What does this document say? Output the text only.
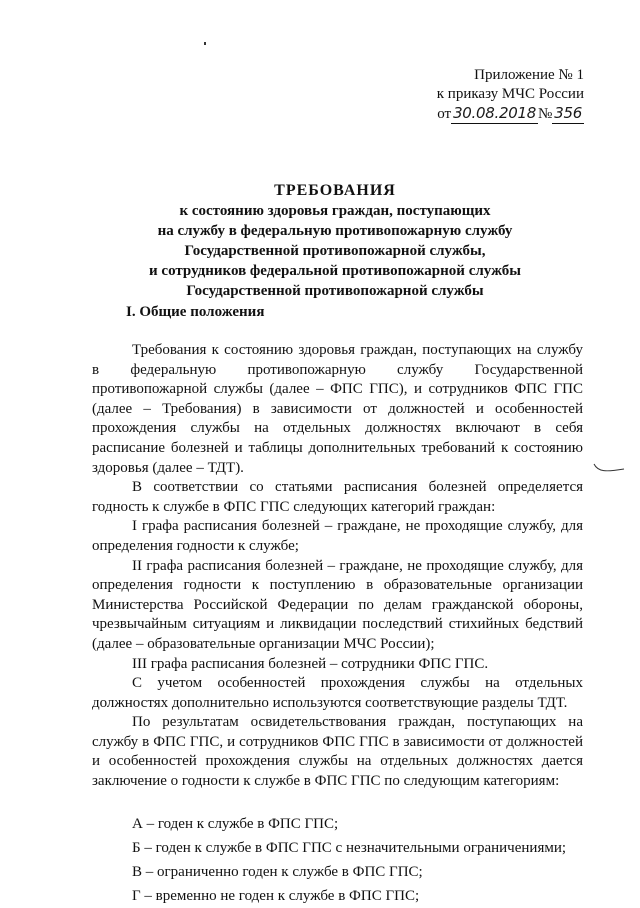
Приложение № 1
к приказу МЧС России
от 30.08.2018 № 356
ТРЕБОВАНИЯ
к состоянию здоровья граждан, поступающих
на службу в федеральную противопожарную службу
Государственной противопожарной службы,
и сотрудников федеральной противопожарной службы
Государственной противопожарной службы
I. Общие положения

Требования к состоянию здоровья граждан, поступающих на службу в федеральную противопожарную службу Государственной противопожарной службы (далее – ФПС ГПС), и сотрудников ФПС ГПС (далее – Требования) в зависимости от должностей и особенностей прохождения службы на отдельных должностях включают в себя расписание болезней и таблицы дополнительных требований к состоянию здоровья (далее – ТДТ).

В соответствии со статьями расписания болезней определяется годность к службе в ФПС ГПС следующих категорий граждан:

I графа расписания болезней – граждане, не проходящие службу, для определения годности к службе;

II графа расписания болезней – граждане, не проходящие службу, для определения годности к поступлению в образовательные организации Министерства Российской Федерации по делам гражданской обороны, чрезвычайным ситуациям и ликвидации последствий стихийных бедствий (далее – образовательные организации МЧС России);

III графа расписания болезней – сотрудники ФПС ГПС.

С учетом особенностей прохождения службы на отдельных должностях дополнительно используются соответствующие разделы ТДТ.

По результатам освидетельствования граждан, поступающих на службу в ФПС ГПС, и сотрудников ФПС ГПС в зависимости от должностей и особенностей прохождения службы на отдельных должностях дается заключение о годности к службе в ФПС ГПС по следующим категориям:

А – годен к службе в ФПС ГПС;
Б – годен к службе в ФПС ГПС с незначительными ограничениями;
В – ограниченно годен к службе в ФПС ГПС;
Г – временно не годен к службе в ФПС ГПС;
